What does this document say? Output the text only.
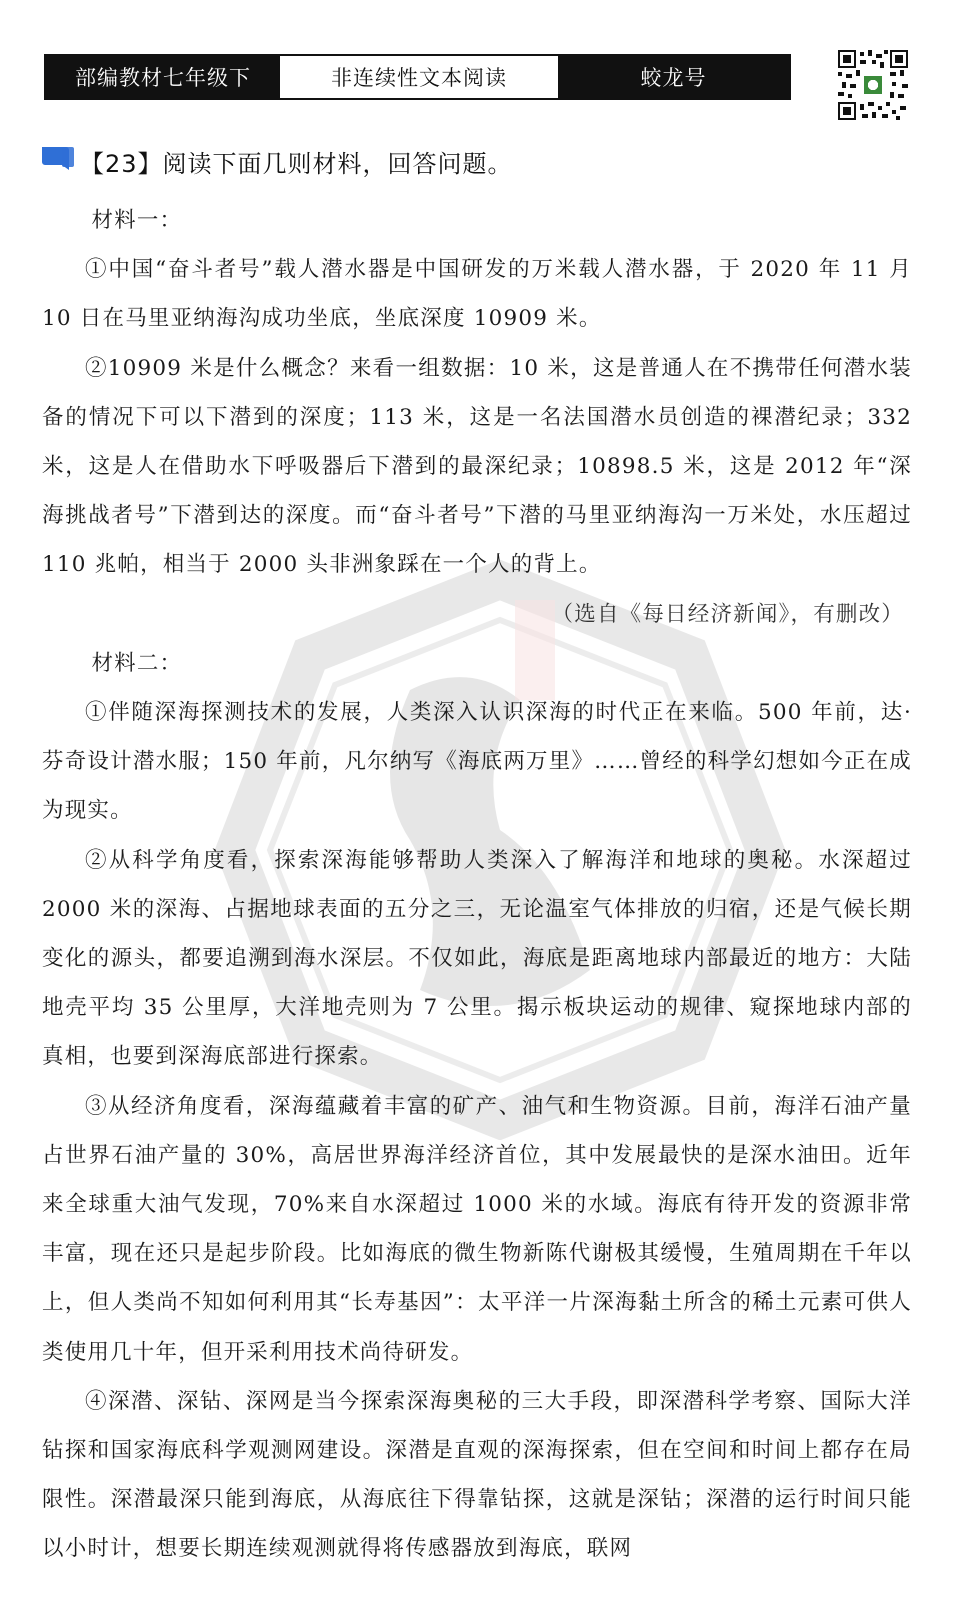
部编教材七年级下	非连续性文本阅读	蛟龙号
【23】阅读下面几则材料，回答问题。

材料一：

①中国“奋斗者号”载人潜水器是中国研发的万米载人潜水器，于 2020 年 11 月 10 日在马里亚纳海沟成功坐底，坐底深度 10909 米。

②10909 米是什么概念？来看一组数据：10 米，这是普通人在不携带任何潜水装备的情况下可以下潜到的深度；113 米，这是一名法国潜水员创造的裸潜纪录；332 米，这是人在借助水下呼吸器后下潜到的最深纪录；10898.5 米，这是 2012 年“深海挑战者号”下潜到达的深度。而“奋斗者号”下潜的马里亚纳海沟一万米处，水压超过 110 兆帕，相当于 2000 头非洲象踩在一个人的背上。

（选自《每日经济新闻》，有删改）

材料二：

①伴随深海探测技术的发展，人类深入认识深海的时代正在来临。500 年前，达·芬奇设计潜水服；150 年前，凡尔纳写《海底两万里》……曾经的科学幻想如今正在成为现实。

②从科学角度看，探索深海能够帮助人类深入了解海洋和地球的奥秘。水深超过 2000 米的深海、占据地球表面的五分之三，无论温室气体排放的归宿，还是气候长期变化的源头，都要追溯到海水深层。不仅如此，海底是距离地球内部最近的地方：大陆地壳平均 35 公里厚，大洋地壳则为 7 公里。揭示板块运动的规律、窥探地球内部的真相，也要到深海底部进行探索。

③从经济角度看，深海蕴藏着丰富的矿产、油气和生物资源。目前，海洋石油产量占世界石油产量的 30%，高居世界海洋经济首位，其中发展最快的是深水油田。近年来全球重大油气发现，70%来自水深超过 1000 米的水域。海底有待开发的资源非常丰富，现在还只是起步阶段。比如海底的微生物新陈代谢极其缓慢，生殖周期在千年以上，但人类尚不知如何利用其“长寿基因”：太平洋一片深海黏土所含的稀土元素可供人类使用几十年，但开采利用技术尚待研发。

④深潜、深钻、深网是当今探索深海奥秘的三大手段，即深潜科学考察、国际大洋钻探和国家海底科学观测网建设。深潜是直观的深海探索，但在空间和时间上都存在局限性。深潜最深只能到海底，从海底往下得靠钻探，这就是深钻；深潜的运行时间只能以小时计，想要长期连续观测就得将传感器放到海底，联网
